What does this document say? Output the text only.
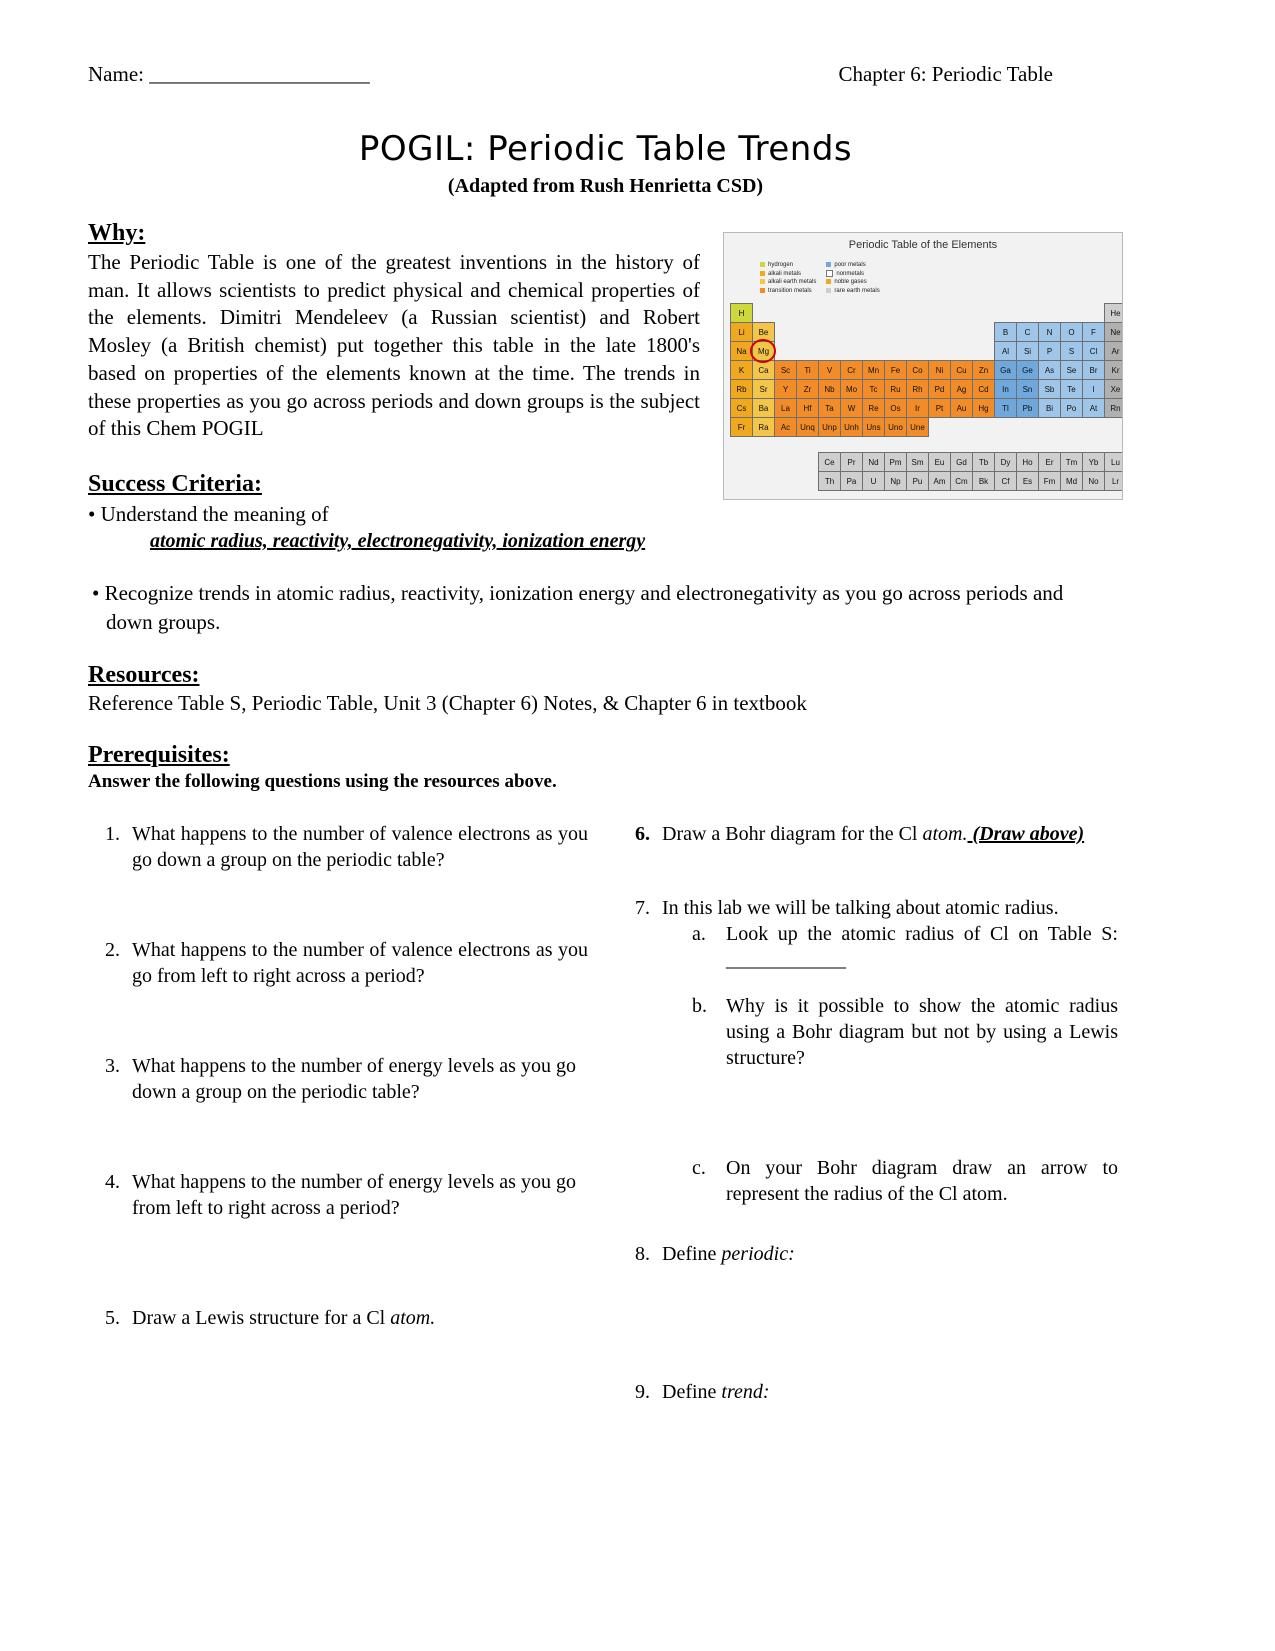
Name: _____________________	Chapter 6: Periodic Table
POGIL: Periodic Table Trends
(Adapted from Rush Henrietta CSD)
Why:
The Periodic Table is one of the greatest inventions in the history of man. It allows scientists to predict physical and chemical properties of the elements. Dimitri Mendeleev (a Russian scientist) and Robert Mosley (a British chemist) put together this table in the late 1800's based on properties of the elements known at the time. The trends in these properties as you go across periods and down groups is the subject of this Chem POGIL
Periodic Table of the Elements
hydrogen
alkali metals
alkali earth metals
transition metals
poor metals
nonmetals
noble gases
rare earth metals
H	He
Li	Be	B	C	N	O	F	Ne
Na	Mg	Al	Si	P	S	Cl	Ar
K	Ca	Sc	Ti	V	Cr	Mn	Fe	Co	Ni	Cu	Zn	Ga	Ge	As	Se	Br	Kr
Rb	Sr	Y	Zr	Nb	Mo	Tc	Ru	Rh	Pd	Ag	Cd	In	Sn	Sb	Te	I	Xe
Cs	Ba	La	Hf	Ta	W	Re	Os	Ir	Pt	Au	Hg	Tl	Pb	Bi	Po	At	Rn
Fr	Ra	Ac	Unq Unp Unh Uns Uno Une
Ce	Pr	Nd	Pm	Sm	Eu	Gd	Tb	Dy	Ho	Er	Tm	Yb	Lu
Th	Pa	U	Np	Pu	Am	Cm	Bk	Cf	Es	Fm	Md	No	Lr
Success Criteria:
• Understand the meaning of
atomic radius, reactivity, electronegativity, ionization energy
• Recognize trends in atomic radius, reactivity, ionization energy and electronegativity as you go across periods and down groups.
Resources:
Reference Table S, Periodic Table, Unit 3 (Chapter 6) Notes, & Chapter 6 in textbook
Prerequisites:
Answer the following questions using the resources above.
1. What happens to the number of valence electrons as you go down a group on the periodic table?
2. What happens to the number of valence electrons as you go from left to right across a period?
3. What happens to the number of energy levels as you go down a group on the periodic table?
4. What happens to the number of energy levels as you go from left to right across a period?
5. Draw a Lewis structure for a Cl atom.
6. Draw a Bohr diagram for the Cl atom. (Draw above)
7. In this lab we will be talking about atomic radius.
a.	Look up the atomic radius of Cl on Table S: ____________
b. Why is it possible to show the atomic radius using a Bohr diagram but not by using a Lewis structure?
c.	On your Bohr diagram draw an arrow to represent the radius of the Cl atom.
8. Define periodic:
9. Define trend:
